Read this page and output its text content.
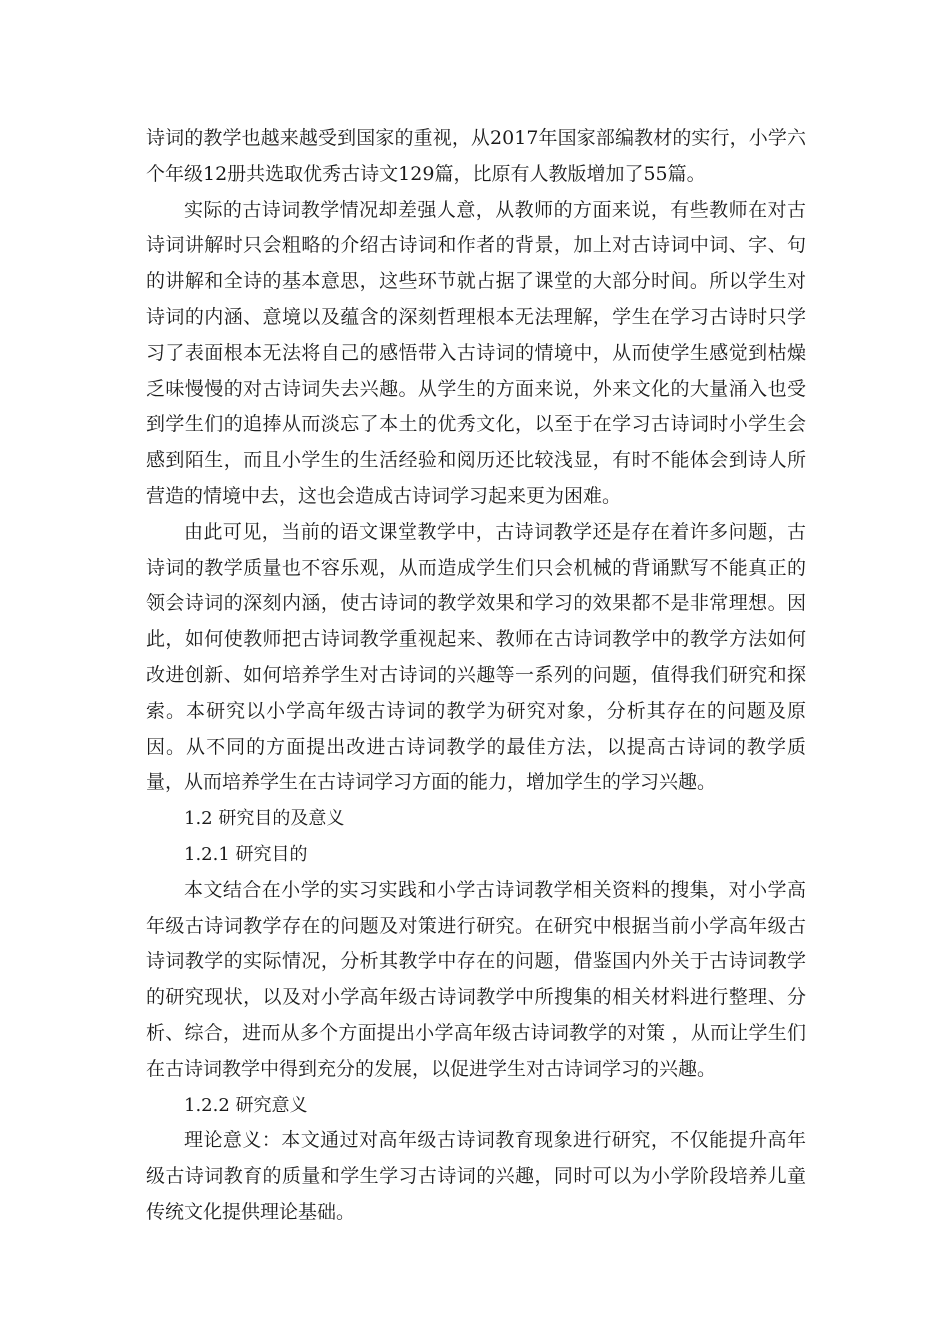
诗词的教学也越来越受到国家的重视，从2017年国家部编教材的实行，小学六个年级12册共选取优秀古诗文129篇，比原有人教版增加了55篇。

实际的古诗词教学情况却差强人意，从教师的方面来说，有些教师在对古诗词讲解时只会粗略的介绍古诗词和作者的背景，加上对古诗词中词、字、句的讲解和全诗的基本意思，这些环节就占据了课堂的大部分时间。所以学生对诗词的内涵、意境以及蕴含的深刻哲理根本无法理解，学生在学习古诗时只学习了表面根本无法将自己的感悟带入古诗词的情境中，从而使学生感觉到枯燥乏味慢慢的对古诗词失去兴趣。从学生的方面来说，外来文化的大量涌入也受到学生们的追捧从而淡忘了本土的优秀文化，以至于在学习古诗词时小学生会感到陌生，而且小学生的生活经验和阅历还比较浅显，有时不能体会到诗人所营造的情境中去，这也会造成古诗词学习起来更为困难。

由此可见，当前的语文课堂教学中，古诗词教学还是存在着许多问题，古诗词的教学质量也不容乐观，从而造成学生们只会机械的背诵默写不能真正的领会诗词的深刻内涵，使古诗词的教学效果和学习的效果都不是非常理想。因此，如何使教师把古诗词教学重视起来、教师在古诗词教学中的教学方法如何改进创新、如何培养学生对古诗词的兴趣等一系列的问题，值得我们研究和探索。本研究以小学高年级古诗词的教学为研究对象，分析其存在的问题及原因。从不同的方面提出改进古诗词教学的最佳方法，以提高古诗词的教学质量，从而培养学生在古诗词学习方面的能力，增加学生的学习兴趣。

1.2 研究目的及意义

1.2.1 研究目的

本文结合在小学的实习实践和小学古诗词教学相关资料的搜集，对小学高年级古诗词教学存在的问题及对策进行研究。在研究中根据当前小学高年级古诗词教学的实际情况，分析其教学中存在的问题，借鉴国内外关于古诗词教学的研究现状，以及对小学高年级古诗词教学中所搜集的相关材料进行整理、分析、综合，进而从多个方面提出小学高年级古诗词教学的对策 ，从而让学生们在古诗词教学中得到充分的发展，以促进学生对古诗词学习的兴趣。

1.2.2 研究意义

理论意义：本文通过对高年级古诗词教育现象进行研究，不仅能提升高年级古诗词教育的质量和学生学习古诗词的兴趣，同时可以为小学阶段培养儿童传统文化提供理论基础。
